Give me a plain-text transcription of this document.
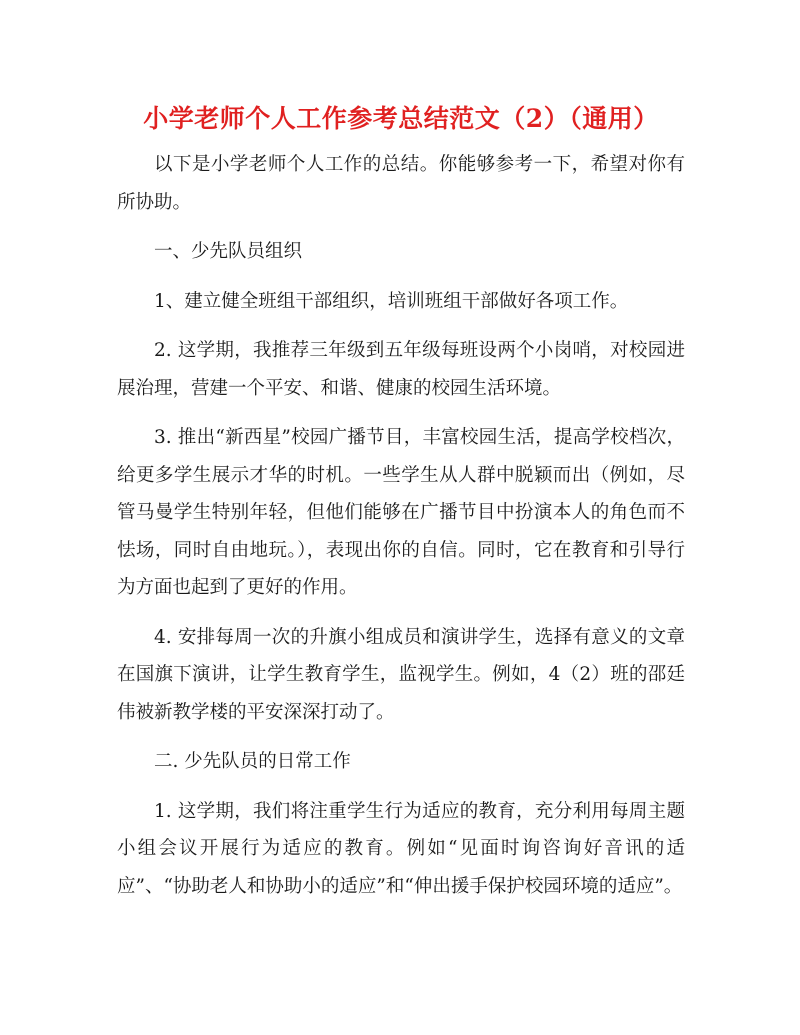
小学老师个人工作参考总结范文（2）（通用）

以下是小学老师个人工作的总结。你能够参考一下，希望对你有所协助。

一、少先队员组织

1、建立健全班组干部组织，培训班组干部做好各项工作。

2. 这学期，我推荐三年级到五年级每班设两个小岗哨，对校园进展治理，营建一个平安、和谐、健康的校园生活环境。

3. 推出“新西星”校园广播节目，丰富校园生活，提高学校档次，给更多学生展示才华的时机。一些学生从人群中脱颖而出（例如，尽管马曼学生特别年轻，但他们能够在广播节目中扮演本人的角色而不怯场，同时自由地玩。），表现出你的自信。同时，它在教育和引导行为方面也起到了更好的作用。

4. 安排每周一次的升旗小组成员和演讲学生，选择有意义的文章在国旗下演讲，让学生教育学生，监视学生。例如，4（2）班的邵廷伟被新教学楼的平安深深打动了。

二. 少先队员的日常工作

1. 这学期，我们将注重学生行为适应的教育，充分利用每周主题小组会议开展行为适应的教育。例如“见面时询咨询好音讯的适应”、“协助老人和协助小的适应”和“伸出援手保护校园环境的适应”。
